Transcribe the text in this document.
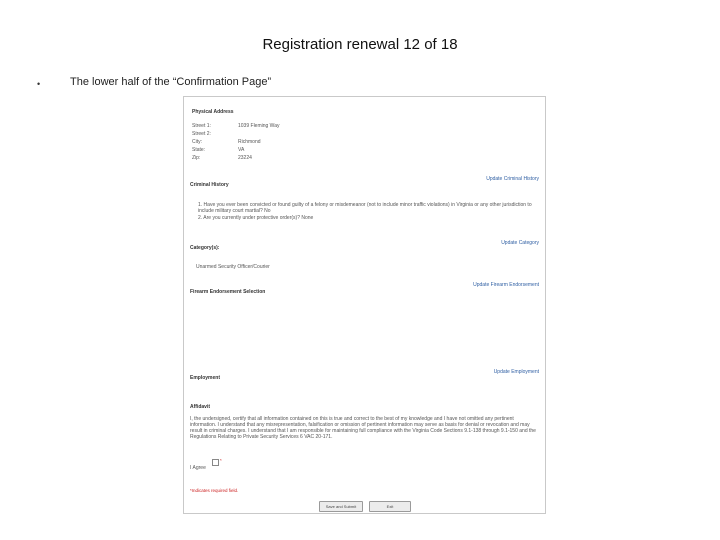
Registration renewal 12 of 18
•	The lower half of the “Confirmation Page”
Physical Address
Street 1:	1039 Fleming Way
Street 2:
City:	Richmond
State:	VA
Zip:	23224
Update Criminal History
Criminal History
1. Have you ever been convicted or found guilty of a felony or misdemeanor (not to include minor traffic violations) in Virginia or any other jurisdiction to include military court martial? No
2. Are you currently under protective order(s)? None
Update Category
Category(s):
Unarmed Security Officer/Courier
Update Firearm Endorsement
Firearm Endorsement Selection
Update Employment
Employment
Affidavit
I, the undersigned, certify that all information contained on this is true and correct to the best of my knowledge and I have not omitted any pertinent information. I understand that any misrepresentation, falsification or omission of pertinent information may serve as basis for denial or revocation and may result in criminal charges. I understand that I am responsible for maintaining full compliance with the Virginia Code Sections 9.1-138 through 9.1-150 and the Regulations Relating to Private Security Services 6 VAC 20-171.
*
I Agree
*Indicates required field.
Save and Submit	Exit
